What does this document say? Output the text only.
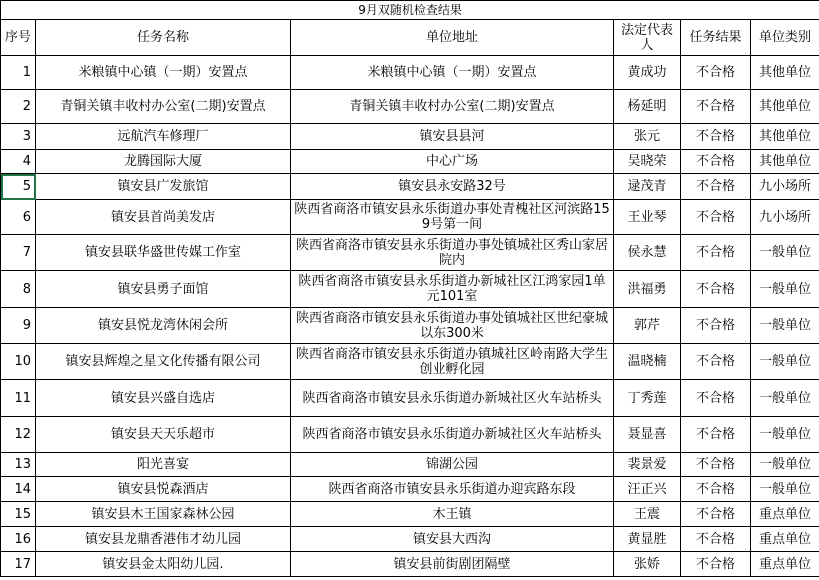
9月双随机检查结果					
序号	任务名称	单位地址	法定代表人	任务结果	单位类别
1	米粮镇中心镇（一期）安置点	米粮镇中心镇（一期）安置点	黄成功	不合格	其他单位
2	青铜关镇丰收村办公室(二期)安置点	青铜关镇丰收村办公室(二期)安置点	杨延明	不合格	其他单位
3	远航汽车修理厂	镇安县县河	张元	不合格	其他单位
4	龙腾国际大厦	中心广场	吴晓荣	不合格	其他单位
5	镇安县广发旅馆	镇安县永安路32号	逯茂青	不合格	九小场所
6	镇安县首尚美发店	陕西省商洛市镇安县永乐街道办事处青槐社区河滨路159号第一间	王业琴	不合格	九小场所
7	镇安县联华盛世传媒工作室	陕西省商洛市镇安县永乐街道办事处镇城社区秀山家居院内	侯永慧	不合格	一般单位
8	镇安县勇子面馆	陕西省商洛市镇安县永乐街道办新城社区江鸿家园1单元101室	洪福勇	不合格	一般单位
9	镇安县悦龙湾休闲会所	陕西省商洛市镇安县永乐街道办事处镇城社区世纪豪城以东300米	郭芹	不合格	一般单位
10	镇安县辉煌之星文化传播有限公司	陕西省商洛市镇安县永乐街道办镇城社区岭南路大学生创业孵化园	温晓楠	不合格	一般单位
11	镇安县兴盛自选店	陕西省商洛市镇安县永乐街道办新城社区火车站桥头	丁秀莲	不合格	一般单位
12	镇安县天天乐超市	陕西省商洛市镇安县永乐街道办新城社区火车站桥头	聂显喜	不合格	一般单位
13	阳光喜宴	锦湖公园	裴景爱	不合格	一般单位
14	镇安县悦森酒店	陕西省商洛市镇安县永乐街道办迎宾路东段	汪正兴	不合格	一般单位
15	镇安县木王国家森林公园	木王镇	王震	不合格	重点单位
16	镇安县龙鼎香港伟才幼儿园	镇安县大西沟	黄显胜	不合格	重点单位
17	镇安县金太阳幼儿园.	镇安县前街剧团隔壁	张娇	不合格	重点单位
